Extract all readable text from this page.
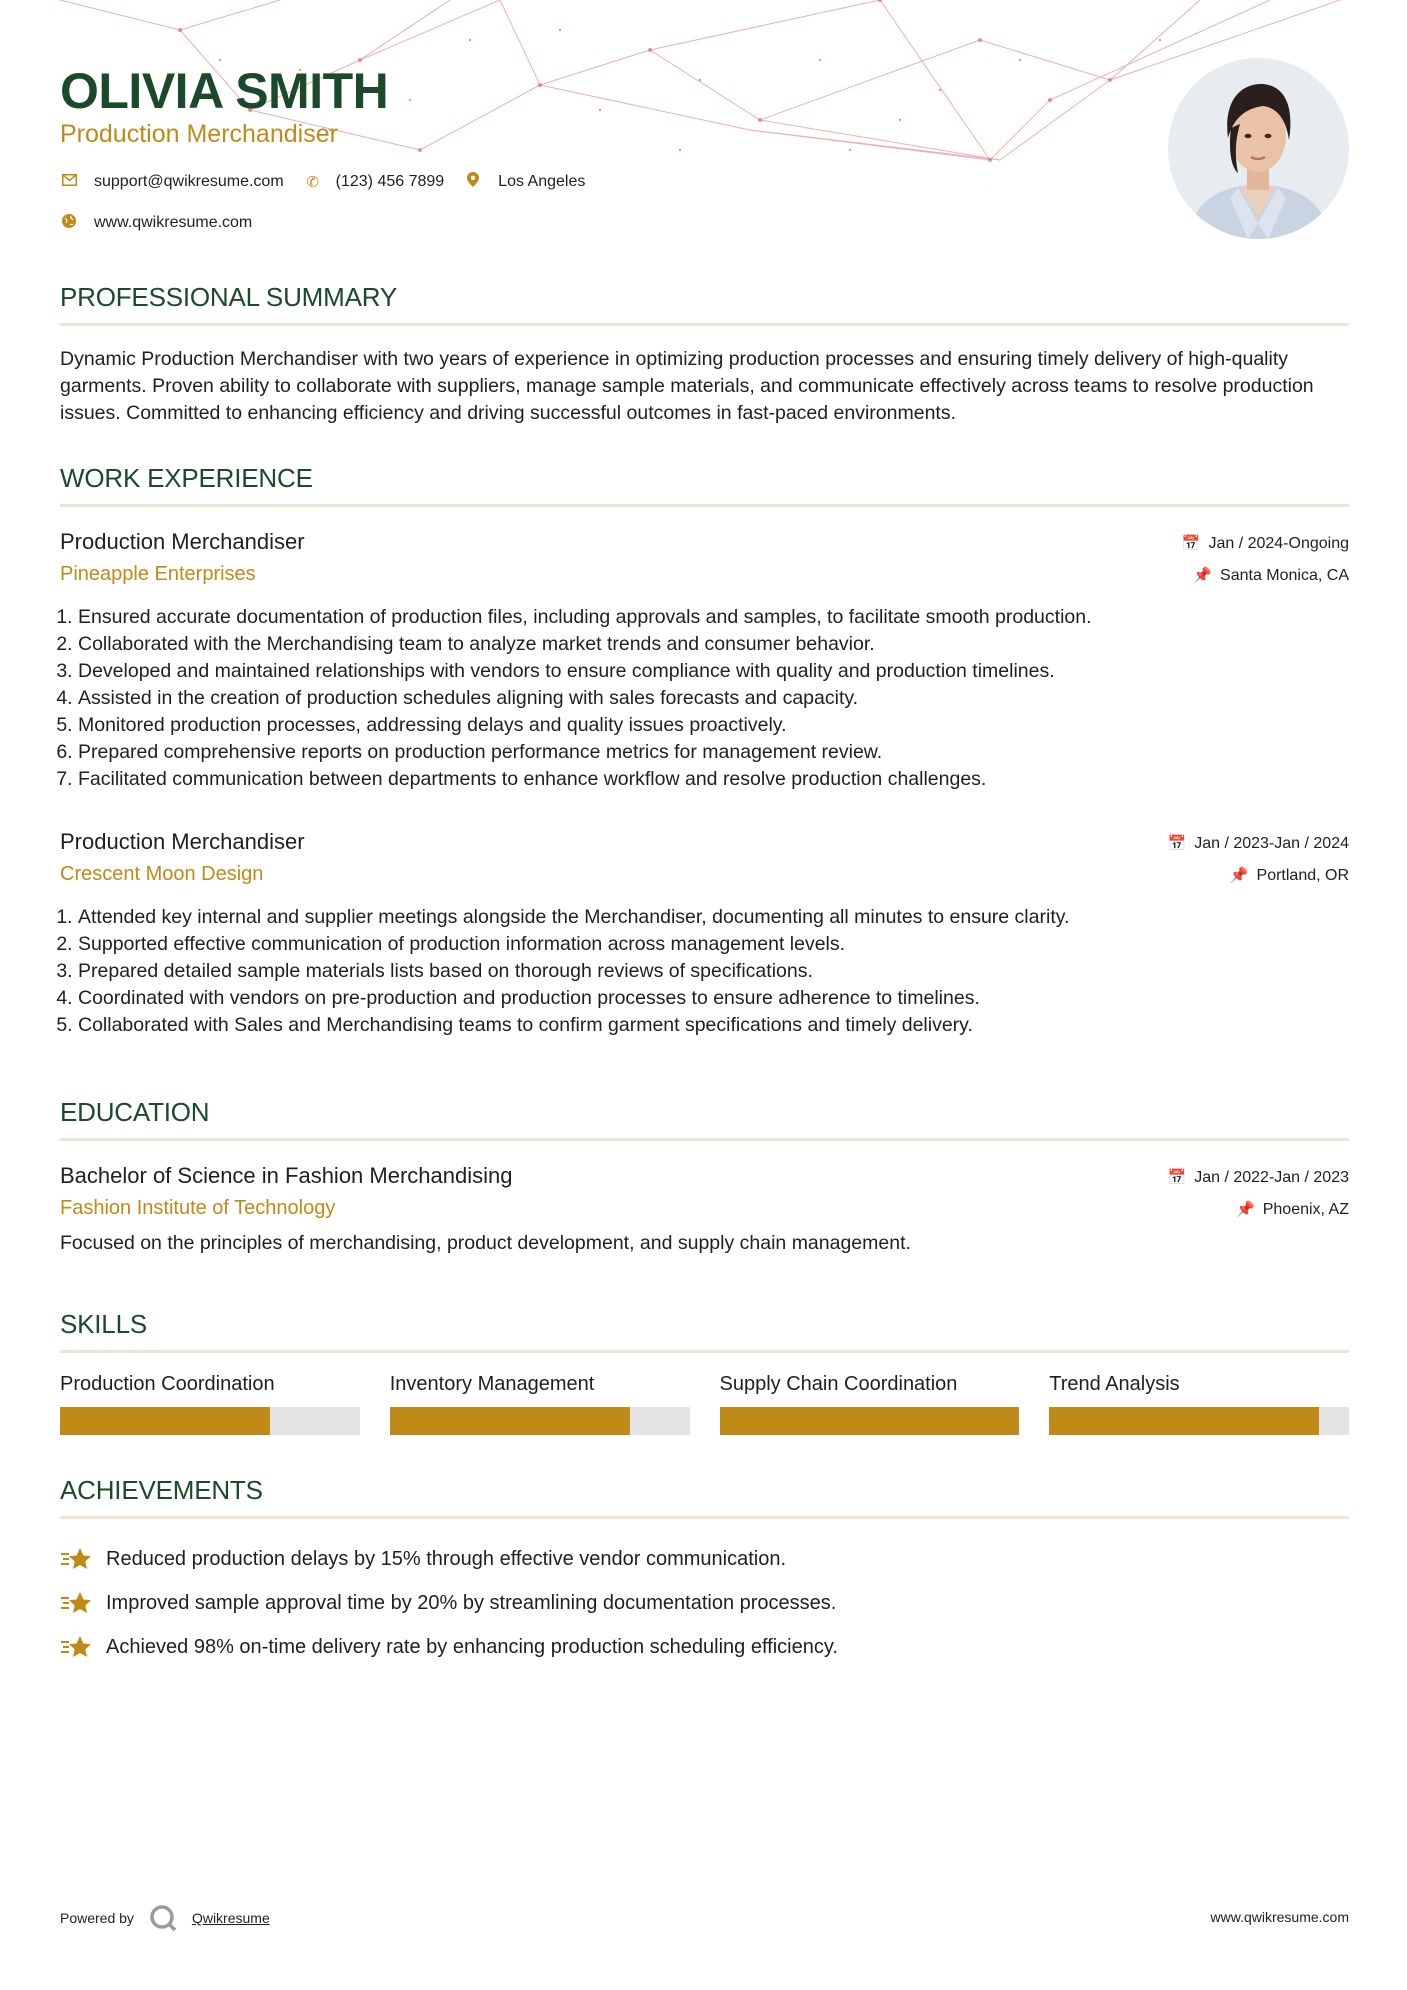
OLIVIA SMITH
Production Merchandiser
support@qwikresume.com ✆ (123) 456 7899	Los Angeles
www.qwikresume.com
PROFESSIONAL SUMMARY
Dynamic Production Merchandiser with two years of experience in optimizing production processes and ensuring timely delivery of high-quality garments. Proven ability to collaborate with suppliers, manage sample materials, and communicate effectively across teams to resolve production issues. Committed to enhancing efficiency and driving successful outcomes in fast-paced environments.
WORK EXPERIENCE
Production Merchandiser
Pineapple Enterprises
📅 Jan / 2024-Ongoing
📌 Santa Monica, CA
1. Ensured accurate documentation of production files, including approvals and samples, to facilitate smooth production.
2. Collaborated with the Merchandising team to analyze market trends and consumer behavior.
3. Developed and maintained relationships with vendors to ensure compliance with quality and production timelines.
4. Assisted in the creation of production schedules aligning with sales forecasts and capacity.
5. Monitored production processes, addressing delays and quality issues proactively.
6. Prepared comprehensive reports on production performance metrics for management review.
7. Facilitated communication between departments to enhance workflow and resolve production challenges.
Production Merchandiser
Crescent Moon Design
📅 Jan / 2023-Jan / 2024
📌 Portland, OR
1. Attended key internal and supplier meetings alongside the Merchandiser, documenting all minutes to ensure clarity.
2. Supported effective communication of production information across management levels.
3. Prepared detailed sample materials lists based on thorough reviews of specifications.
4. Coordinated with vendors on pre-production and production processes to ensure adherence to timelines.
5. Collaborated with Sales and Merchandising teams to confirm garment specifications and timely delivery.
EDUCATION
Bachelor of Science in Fashion Merchandising
Fashion Institute of Technology
📅 Jan / 2022-Jan / 2023
📌 Phoenix, AZ
Focused on the principles of merchandising, product development, and supply chain management.
SKILLS
Production Coordination	Inventory Management	Supply Chain Coordination	Trend Analysis
ACHIEVEMENTS
Reduced production delays by 15% through effective vendor communication.
Improved sample approval time by 20% by streamlining documentation processes.
Achieved 98% on-time delivery rate by enhancing production scheduling efficiency.
Powered by	Qwikresume	www.qwikresume.com
